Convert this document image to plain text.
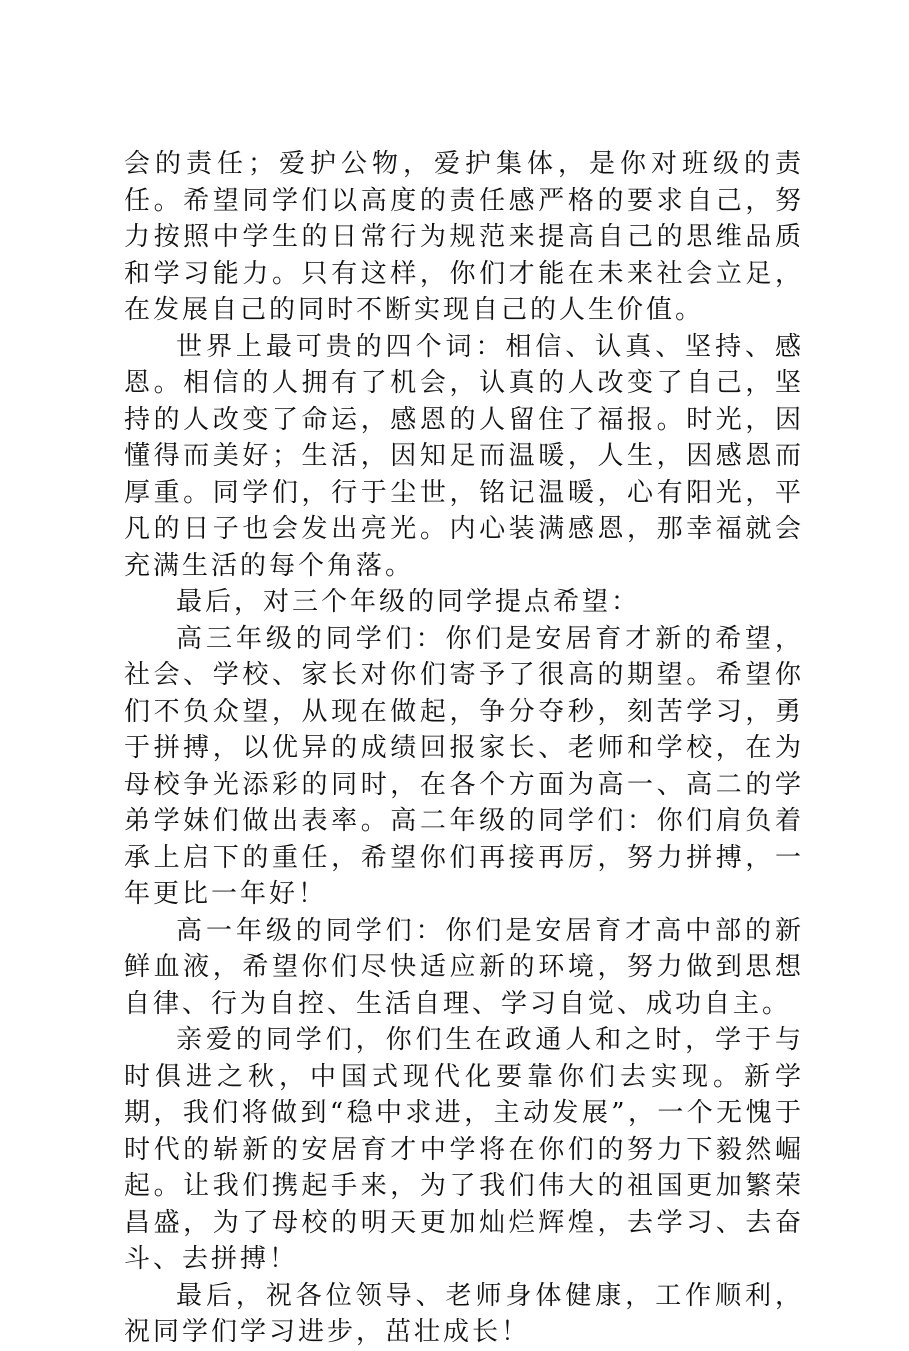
会的责任；爱护公物，爱护集体，是你对班级的责任。希望同学们以高度的责任感严格的要求自己，努力按照中学生的日常行为规范来提高自己的思维品质和学习能力。只有这样，你们才能在未来社会立足，在发展自己的同时不断实现自己的人生价值。

世界上最可贵的四个词：相信、认真、坚持、感恩。相信的人拥有了机会，认真的人改变了自己，坚持的人改变了命运，感恩的人留住了福报。时光，因懂得而美好；生活，因知足而温暖，人生，因感恩而厚重。同学们，行于尘世，铭记温暖，心有阳光，平凡的日子也会发出亮光。内心装满感恩，那幸福就会充满生活的每个角落。

最后，对三个年级的同学提点希望：

高三年级的同学们：你们是安居育才新的希望，社会、学校、家长对你们寄予了很高的期望。希望你们不负众望，从现在做起，争分夺秒，刻苦学习，勇于拼搏，以优异的成绩回报家长、老师和学校，在为母校争光添彩的同时，在各个方面为高一、高二的学弟学妹们做出表率。高二年级的同学们：你们肩负着承上启下的重任，希望你们再接再厉，努力拼搏，一年更比一年好！

高一年级的同学们：你们是安居育才高中部的新鲜血液，希望你们尽快适应新的环境，努力做到思想自律、行为自控、生活自理、学习自觉、成功自主。

亲爱的同学们，你们生在政通人和之时，学于与时俱进之秋，中国式现代化要靠你们去实现。新学期，我们将做到“稳中求进，主动发展”，一个无愧于时代的崭新的安居育才中学将在你们的努力下毅然崛起。让我们携起手来，为了我们伟大的祖国更加繁荣昌盛，为了母校的明天更加灿烂辉煌，去学习、去奋斗、去拼搏！

最后，祝各位领导、老师身体健康，工作顺利，祝同学们学习进步，茁壮成长！
